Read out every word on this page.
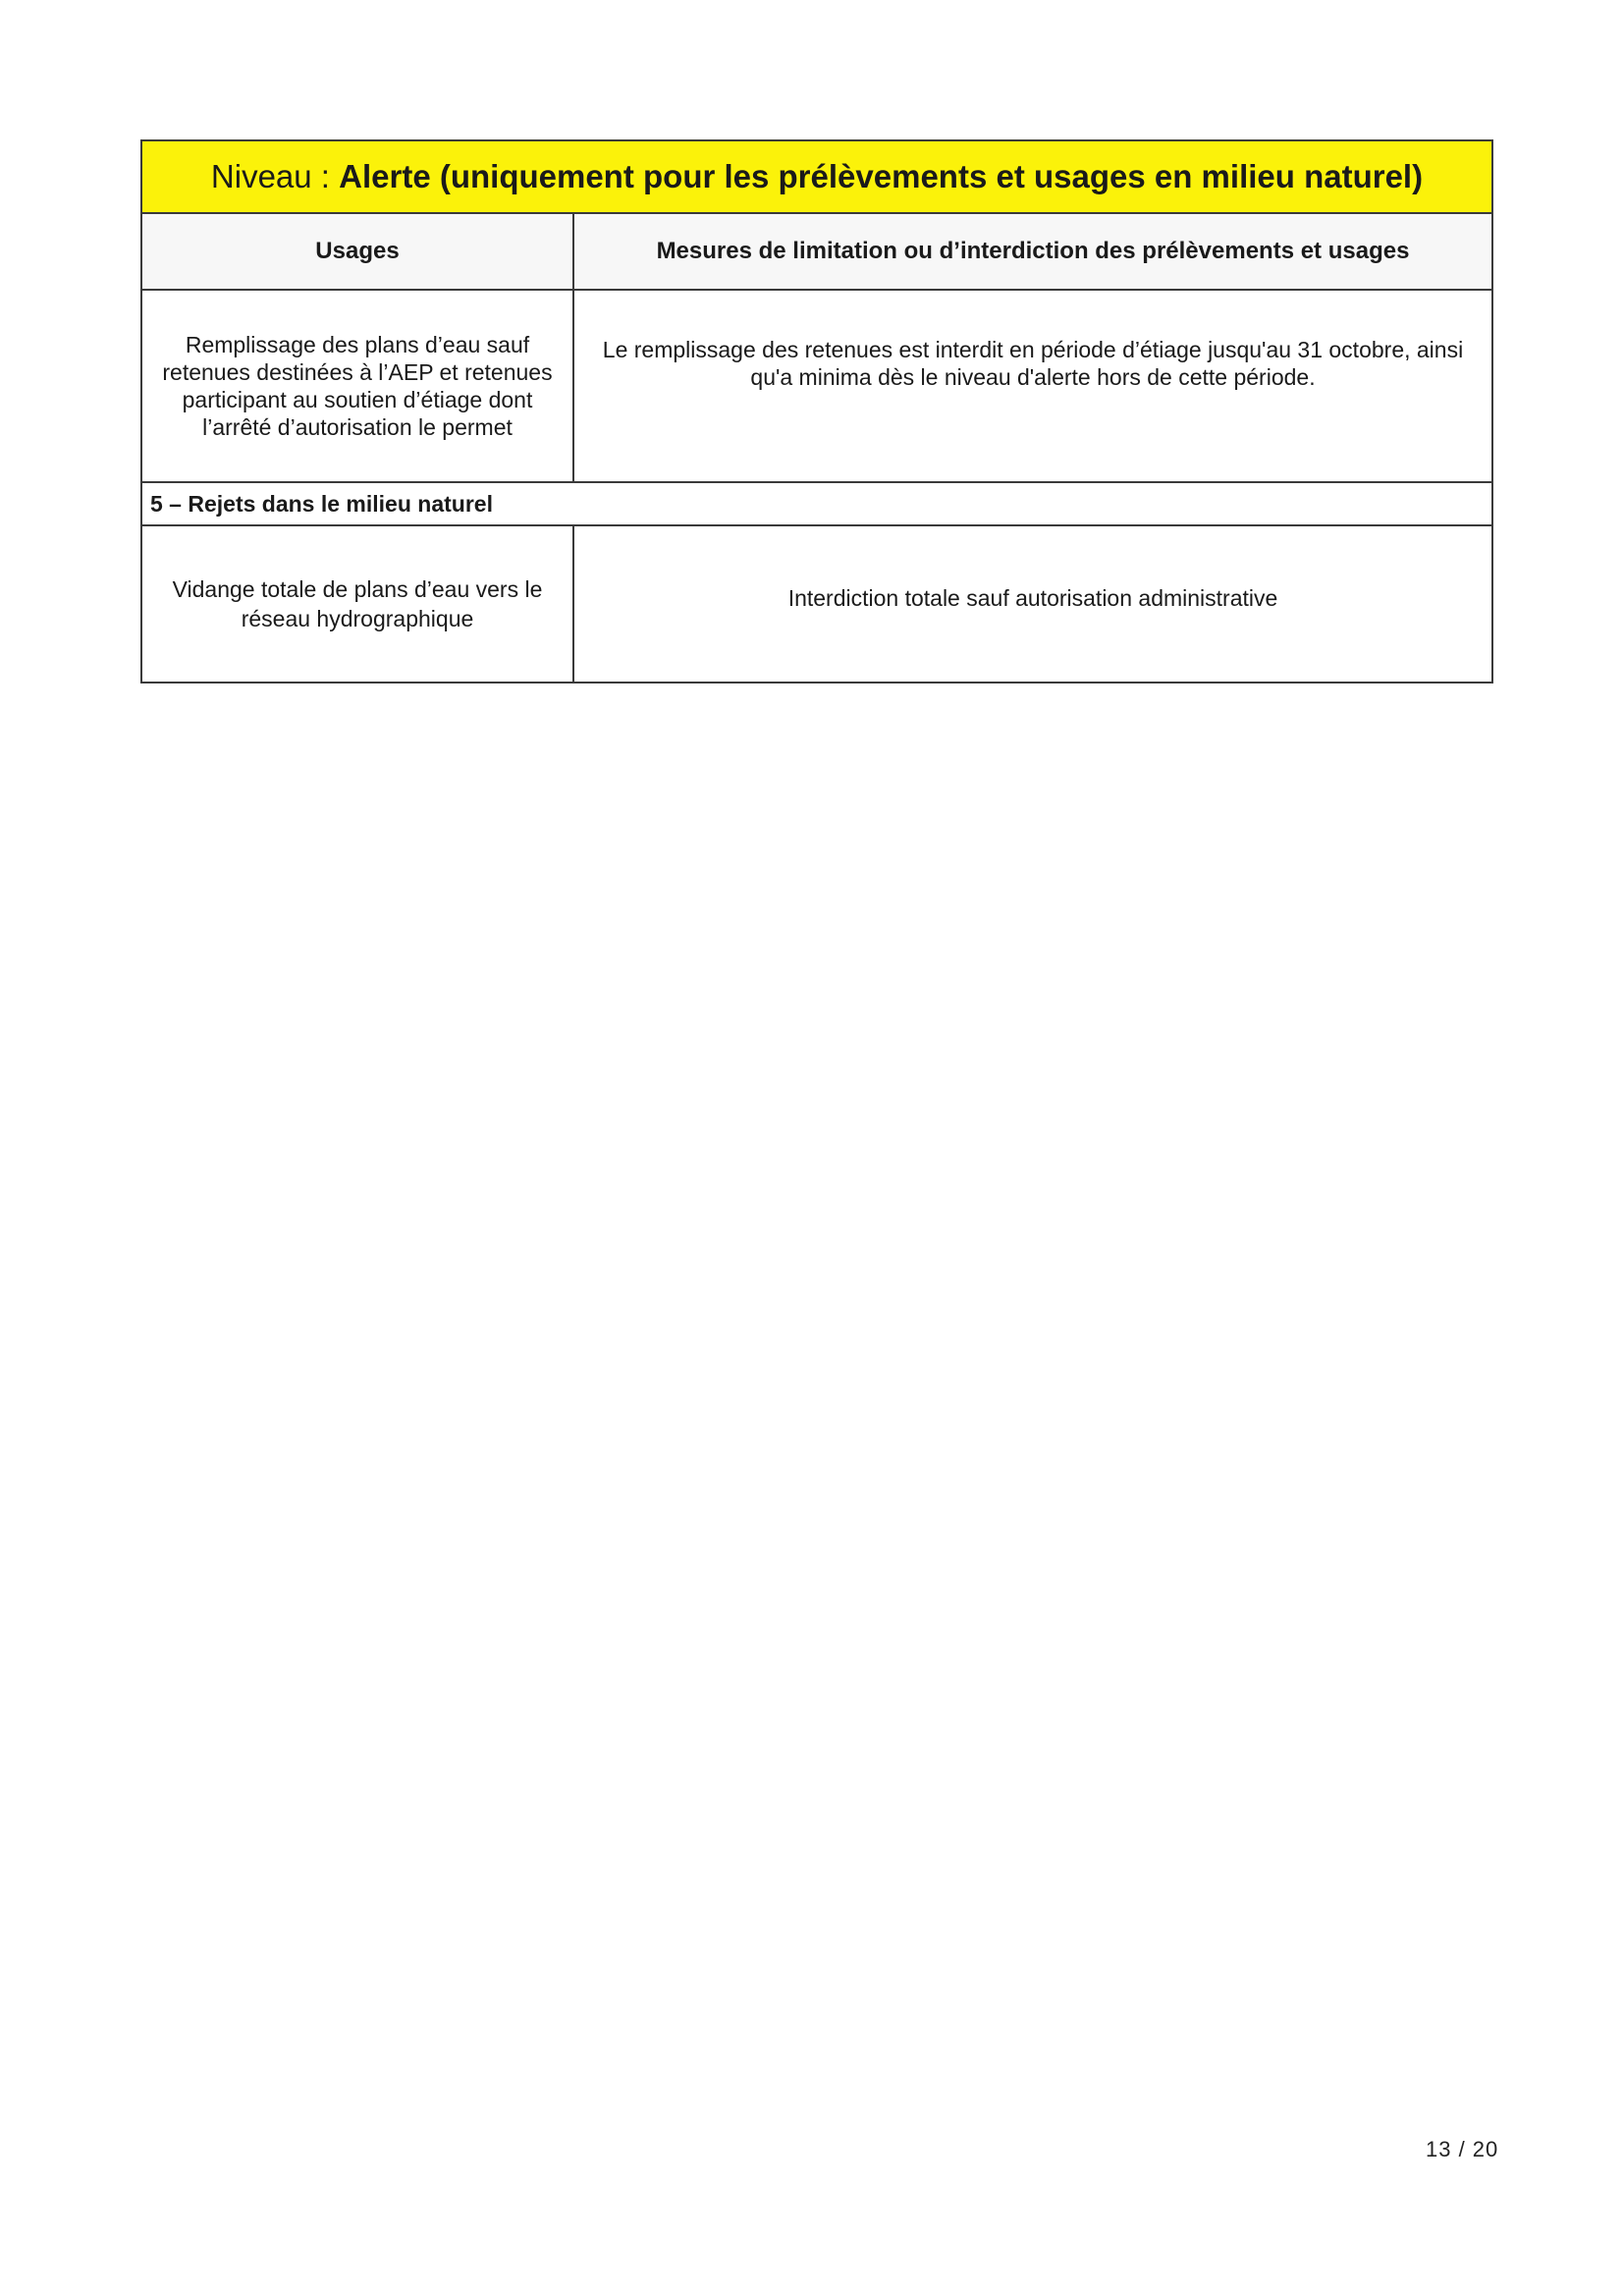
Niveau :
Alerte (uniquement pour les prélèvements et usages en milieu naturel)
Usages	Mesures de limitation ou d’interdiction des prélèvements et usages
Remplissage des plans d’eau sauf retenues destinées à l’AEP et retenues participant au soutien d’étiage dont l’arrêté d’autorisation le permet
Le remplissage des retenues est interdit en période d’étiage jusqu'au 31 octobre, ainsi qu'a minima dès le niveau d'alerte hors de cette période.
5 – Rejets dans le milieu naturel
Vidange totale de plans d’eau vers le réseau hydrographique
Interdiction totale sauf autorisation administrative
13 / 20
